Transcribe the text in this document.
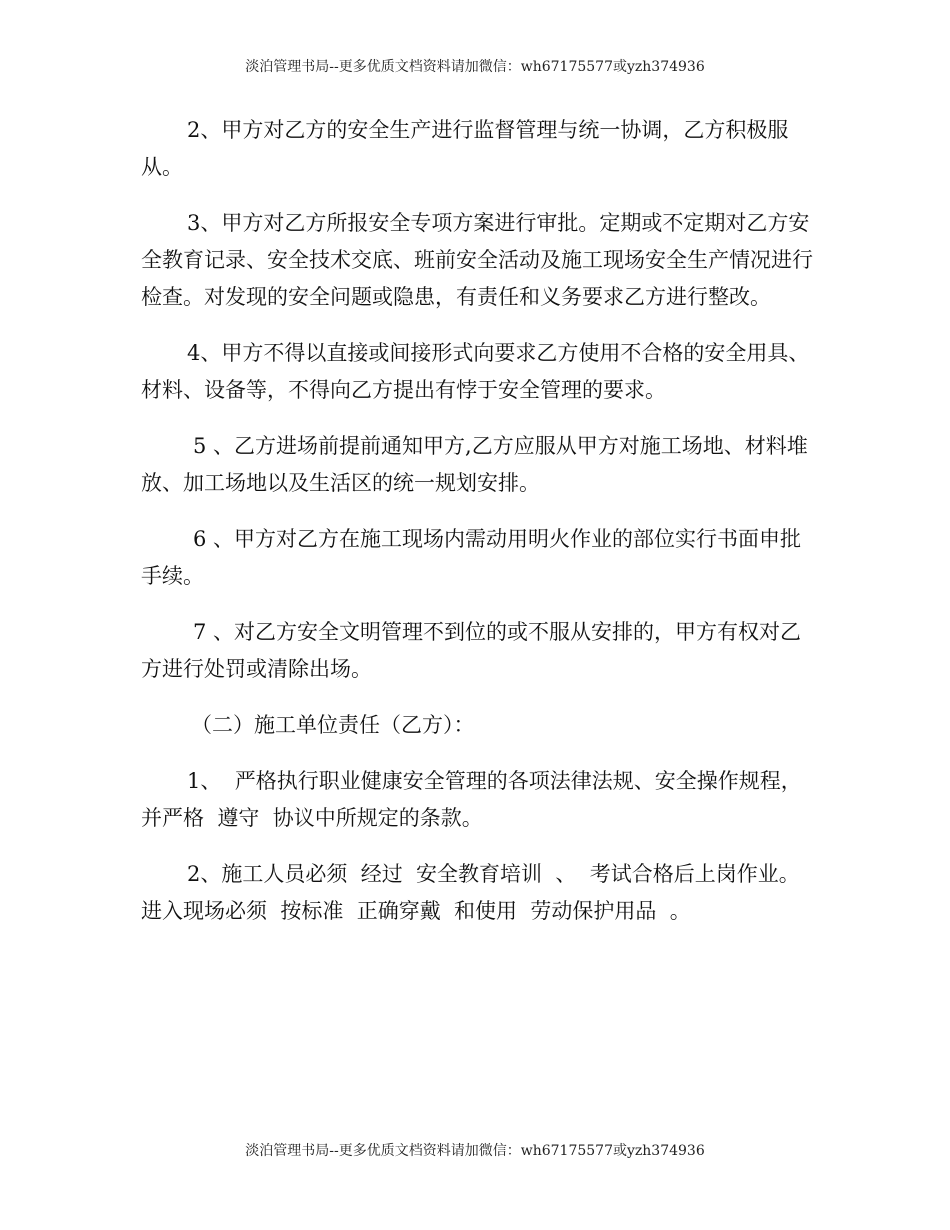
淡泊管理书局--更多优质文档资料请加微信：wh67175577或yzh374936

2、甲方对乙方的安全生产进行监督管理与统一协调，乙方积极服从。

3、甲方对乙方所报安全专项方案进行审批。定期或不定期对乙方安全教育记录、安全技术交底、班前安全活动及施工现场安全生产情况进行检查。对发现的安全问题或隐患，有责任和义务要求乙方进行整改。

4、甲方不得以直接或间接形式向要求乙方使用不合格的安全用具、材料、设备等，不得向乙方提出有悖于安全管理的要求。

5 、乙方进场前提前通知甲方,乙方应服从甲方对施工场地、材料堆放、加工场地以及生活区的统一规划安排。

6 、甲方对乙方在施工现场内需动用明火作业的部位实行书面申批手续。

7 、对乙方安全文明管理不到位的或不服从安排的，甲方有权对乙方进行处罚或清除出场。

（二）施工单位责任（乙方）：

1、  严格执行职业健康安全管理的各项法律法规、安全操作规程，  并严格  遵守  协议中所规定的条款。

2、施工人员必须  经过  安全教育培训  、  考试合格后上岗作业。进入现场必须  按标准  正确穿戴  和使用  劳动保护用品  。

淡泊管理书局--更多优质文档资料请加微信：wh67175577或yzh374936
